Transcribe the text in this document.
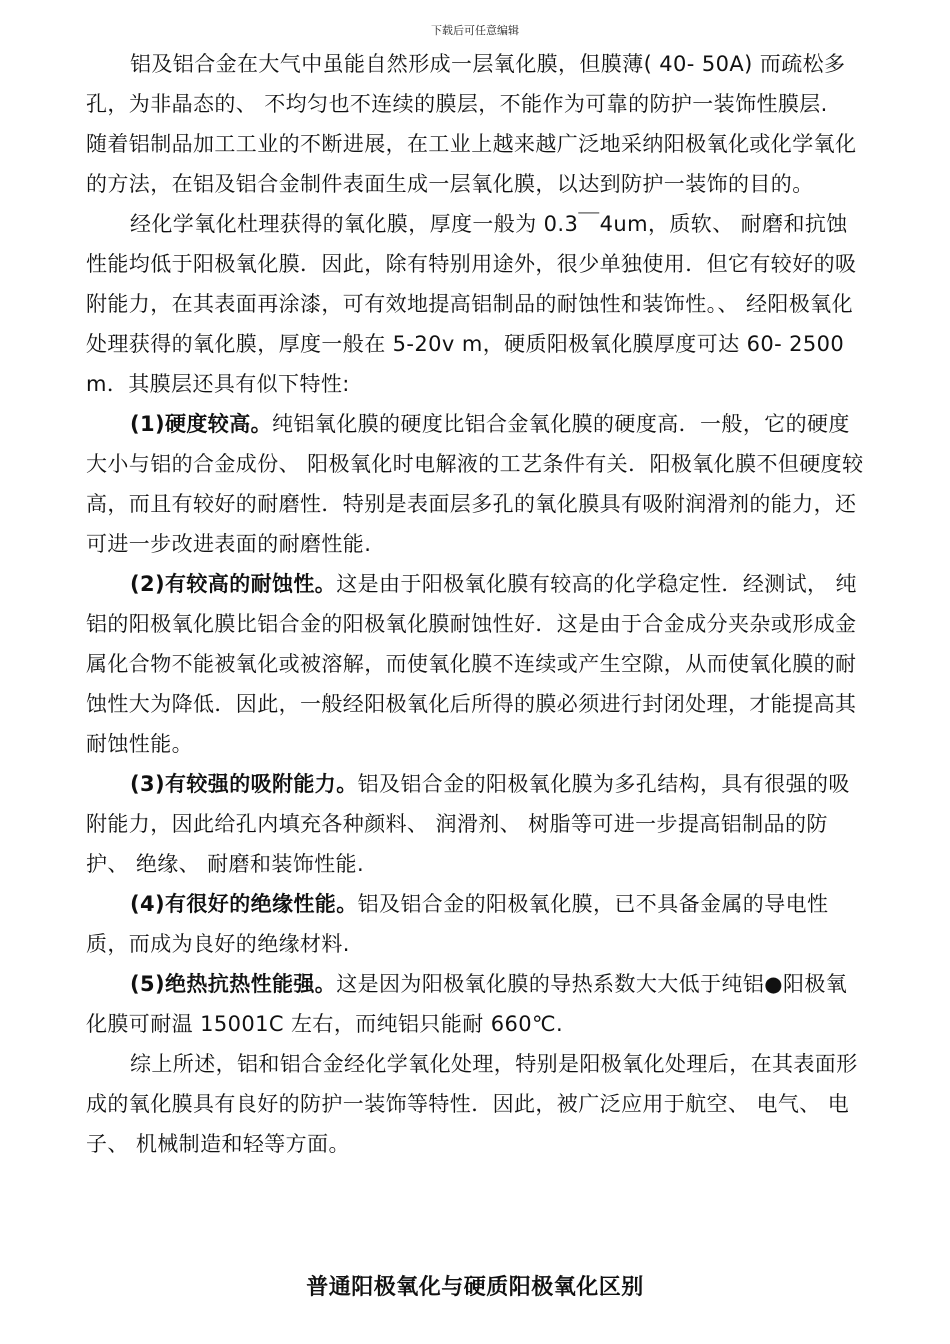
下载后可任意编辑

铝及铝合金在大气中虽能自然形成一层氧化膜，但膜薄( 40- 50A) 而疏松多孔，为非晶态的、 不均匀也不连续的膜层，不能作为可靠的防护一装饰性膜层.

随着铝制品加工工业的不断进展，在工业上越来越广泛地采纳阳极氧化或化学氧化的方法，在铝及铝合金制件表面生成一层氧化膜，以达到防护一装饰的目的。

经化学氧化杜理获得的氧化膜，厚度一般为 0.3￣4um，质软、 耐磨和抗蚀性能均低于阳极氧化膜．因此，除有特别用途外，很少单独使用．但它有较好的吸附能力，在其表面再涂漆，可有效地提高铝制品的耐蚀性和装饰性。、 经阳极氧化处理获得的氧化膜，厚度一般在 5-20v m，硬质阳极氧化膜厚度可达 60- 2500m．其膜层还具有似下特性:

(1)硬度较高。纯铝氧化膜的硬度比铝合金氧化膜的硬度高．一般，它的硬度大小与铝的合金成份、 阳极氧化时电解液的工艺条件有关．阳极氧化膜不但硬度较高，而且有较好的耐磨性．特别是表面层多孔的氧化膜具有吸附润滑剂的能力，还可进一步改进表面的耐磨性能.

(2)有较高的耐蚀性。这是由于阳极氧化膜有较高的化学稳定性．经测试， 纯铝的阳极氧化膜比铝合金的阳极氧化膜耐蚀性好．这是由于合金成分夹杂或形成金属化合物不能被氧化或被溶解，而使氧化膜不连续或产生空隙，从而使氧化膜的耐蚀性大为降低．因此，一般经阳极氧化后所得的膜必须进行封闭处理，才能提高其耐蚀性能。

(3)有较强的吸附能力。铝及铝合金的阳极氧化膜为多孔结构，具有很强的吸附能力，因此给孔内填充各种颜料、 润滑剂、 树脂等可进一步提高铝制品的防护、 绝缘、 耐磨和装饰性能.

(4)有很好的绝缘性能。铝及铝合金的阳极氧化膜，已不具备金属的导电性质，而成为良好的绝缘材料.

(5)绝热抗热性能强。这是因为阳极氧化膜的导热系数大大低于纯铝●阳极氧化膜可耐温 15001C 左右，而纯铝只能耐 660℃.

综上所述，铝和铝合金经化学氧化处理，特别是阳极氧化处理后，在其表面形成的氧化膜具有良好的防护一装饰等特性．因此，被广泛应用于航空、 电气、 电子、 机械制造和轻等方面。

普通阳极氧化与硬质阳极氧化区别
